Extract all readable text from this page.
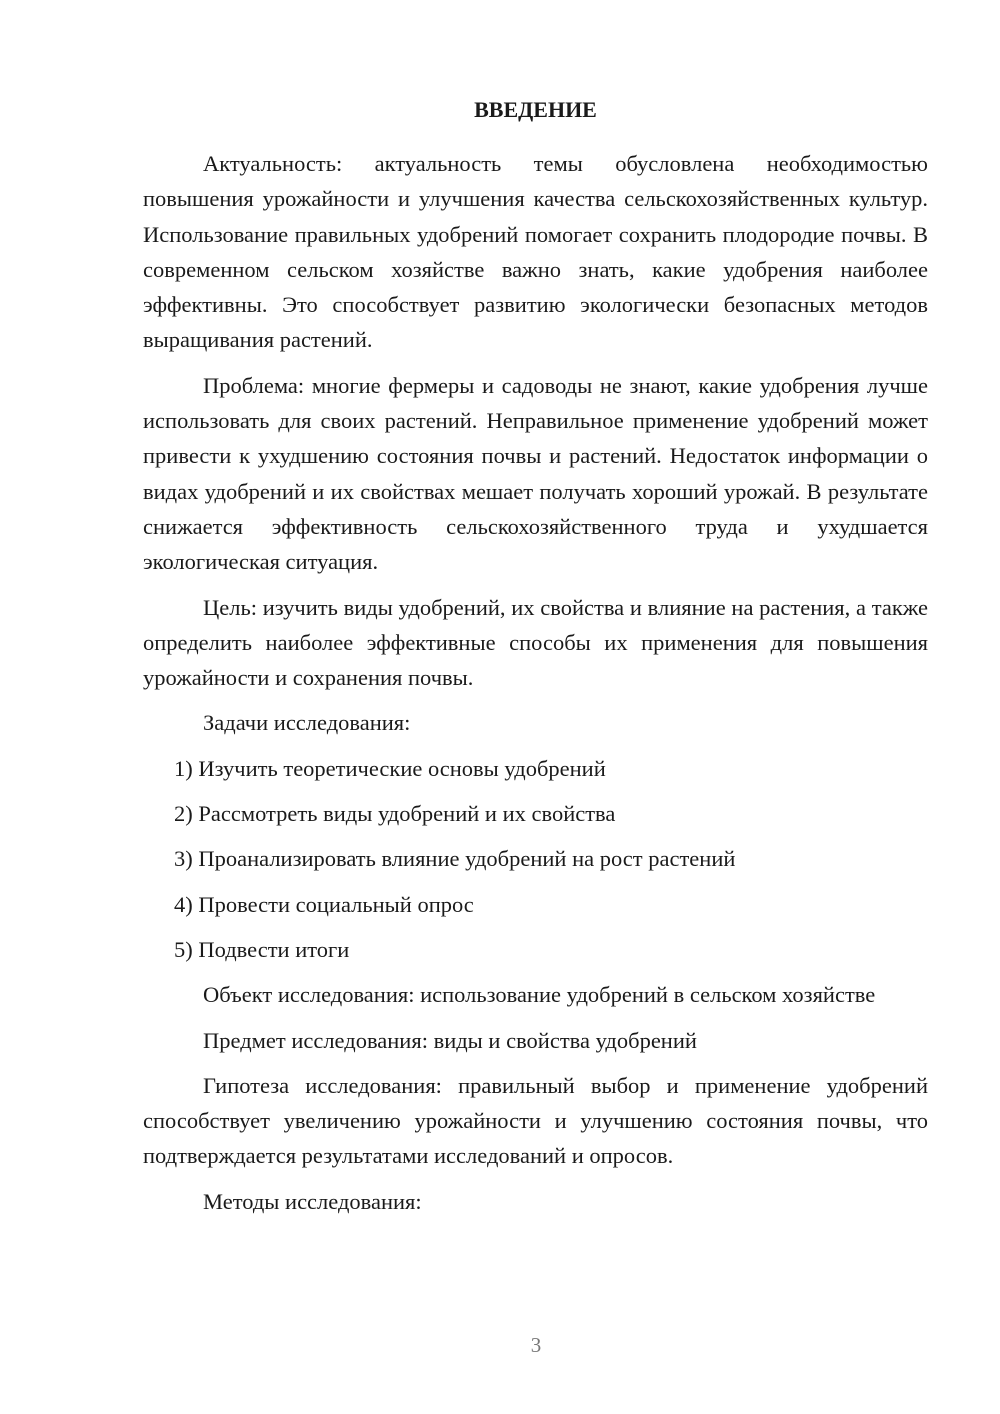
ВВЕДЕНИЕ

Актуальность: актуальность темы обусловлена необходимостью повышения урожайности и улучшения качества сельскохозяйственных культур. Использование правильных удобрений помогает сохранить плодородие почвы. В современном сельском хозяйстве важно знать, какие удобрения наиболее эффективны. Это способствует развитию экологически безопасных методов выращивания растений.

Проблема: многие фермеры и садоводы не знают, какие удобрения лучше использовать для своих растений. Неправильное применение удобрений может привести к ухудшению состояния почвы и растений. Недостаток информации о видах удобрений и их свойствах мешает получать хороший урожай. В результате снижается эффективность сельскохозяйственного труда и ухудшается экологическая ситуация.

Цель: изучить виды удобрений, их свойства и влияние на растения, а также определить наиболее эффективные способы их применения для повышения урожайности и сохранения почвы.

Задачи исследования:

1) Изучить теоретические основы удобрений
2) Рассмотреть виды удобрений и их свойства
3) Проанализировать влияние удобрений на рост растений
4) Провести социальный опрос
5) Подвести итоги

Объект исследования: использование удобрений в сельском хозяйстве

Предмет исследования: виды и свойства удобрений

Гипотеза исследования: правильный выбор и применение удобрений способствует увеличению урожайности и улучшению состояния почвы, что подтверждается результатами исследований и опросов.

Методы исследования:

3
